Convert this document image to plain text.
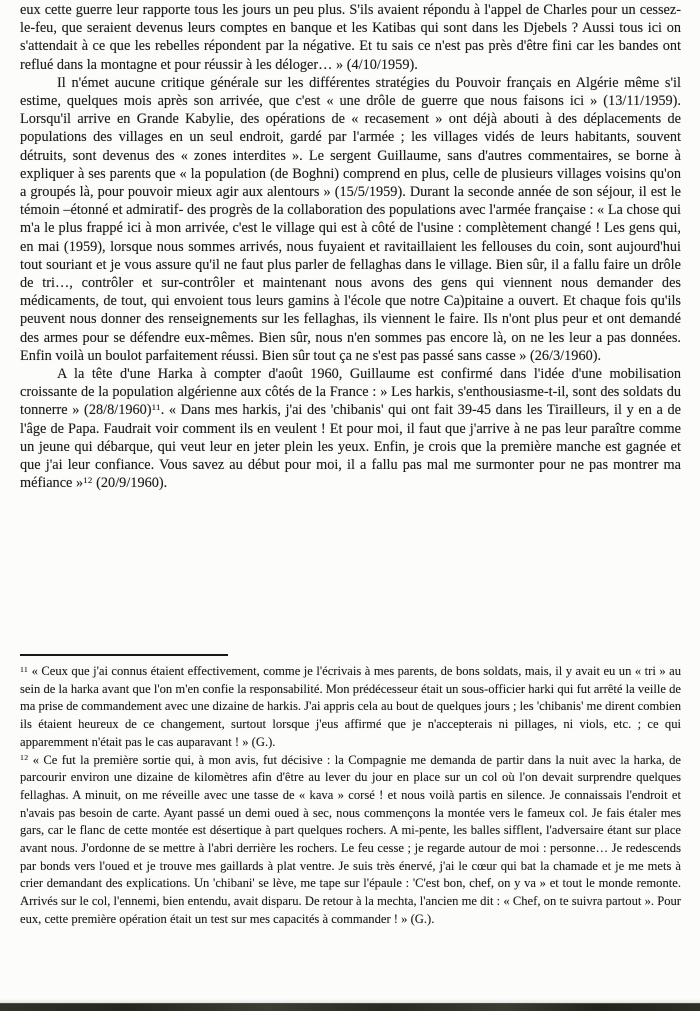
eux cette guerre leur rapporte tous les jours un peu plus. S'ils avaient répondu à l'appel de Charles pour un cessez-le-feu, que seraient devenus leurs comptes en banque et les Katibas qui sont dans les Djebels ? Aussi tous ici on s'attendait à ce que les rebelles répondent par la négative. Et tu sais ce n'est pas près d'être fini car les bandes ont reflué dans la montagne et pour réussir à les déloger… » (4/10/1959).

Il n'émet aucune critique générale sur les différentes stratégies du Pouvoir français en Algérie même s'il estime, quelques mois après son arrivée, que c'est « une drôle de guerre que nous faisons ici » (13/11/1959). Lorsqu'il arrive en Grande Kabylie, des opérations de « recasement » ont déjà abouti à des déplacements de populations des villages en un seul endroit, gardé par l'armée ; les villages vidés de leurs habitants, souvent détruits, sont devenus des « zones interdites ». Le sergent Guillaume, sans d'autres commentaires, se borne à expliquer à ses parents que « la population (de Boghni) comprend en plus, celle de plusieurs villages voisins qu'on a groupés là, pour pouvoir mieux agir aux alentours » (15/5/1959). Durant la seconde année de son séjour, il est le témoin –étonné et admiratif- des progrès de la collaboration des populations avec l'armée française : « La chose qui m'a le plus frappé ici à mon arrivée, c'est le village qui est à côté de l'usine : complètement changé ! Les gens qui, en mai (1959), lorsque nous sommes arrivés, nous fuyaient et ravitaillaient les fellouses du coin, sont aujourd'hui tout souriant et je vous assure qu'il ne faut plus parler de fellaghas dans le village. Bien sûr, il a fallu faire un drôle de tri…, contrôler et sur-contrôler et maintenant nous avons des gens qui viennent nous demander des médicaments, de tout, qui envoient tous leurs gamins à l'école que notre Ca)pitaine a ouvert. Et chaque fois qu'ils peuvent nous donner des renseignements sur les fellaghas, ils viennent le faire. Ils n'ont plus peur et ont demandé des armes pour se défendre eux-mêmes. Bien sûr, nous n'en sommes pas encore là, on ne les leur a pas données. Enfin voilà un boulot parfaitement réussi. Bien sûr tout ça ne s'est pas passé sans casse » (26/3/1960).

A la tête d'une Harka à compter d'août 1960, Guillaume est confirmé dans l'idée d'une mobilisation croissante de la population algérienne aux côtés de la France : » Les harkis, s'enthousiasme-t-il, sont des soldats du tonnerre » $(28/8/1960)^{11}$. « Dans mes harkis, j'ai des 'chibanis' qui ont fait 39-45 dans les Tirailleurs, il y en a de l'âge de Papa. Faudrait voir comment ils en veulent ! Et pour moi, il faut que j'arrive à ne pas leur paraître comme un jeune qui débarque, qui veut leur en jeter plein les yeux. Enfin, je crois que la première manche est gagnée et que j'ai leur confiance. Vous savez au début pour moi, il a fallu pas mal me surmonter pour ne pas montrer ma méfiance »$^{12}$ (20/9/1960).

$^{11}$ « Ceux que j'ai connus étaient effectivement, comme je l'écrivais à mes parents, de bons soldats, mais, il y avait eu un « tri » au sein de la harka avant que l'on m'en confie la responsabilité. Mon prédécesseur était un sous-officier harki qui fut arrêté la veille de ma prise de commandement avec une dizaine de harkis. J'ai appris cela au bout de quelques jours ; les 'chibanis' me dirent combien ils étaient heureux de ce changement, surtout lorsque j'eus affirmé que je n'accepterais ni pillages, ni viols, etc. ; ce qui apparemment n'était pas le cas auparavant ! » (G.).

$^{12}$ « Ce fut la première sortie qui, à mon avis, fut décisive : la Compagnie me demanda de partir dans la nuit avec la harka, de parcourir environ une dizaine de kilomètres afin d'être au lever du jour en place sur un col où l'on devait surprendre quelques fellaghas. A minuit, on me réveille avec une tasse de « kava » corsé ! et nous voilà partis en silence. Je connaissais l'endroit et n'avais pas besoin de carte. Ayant passé un demi oued à sec, nous commençons la montée vers le fameux col. Je fais étaler mes gars, car le flanc de cette montée est désertique à part quelques rochers. A mi-pente, les balles sifflent, l'adversaire étant sur place avant nous. J'ordonne de se mettre à l'abri derrière les rochers. Le feu cesse ; je regarde autour de moi : personne… Je redescends par bonds vers l'oued et je trouve mes gaillards à plat ventre. Je suis très énervé, j'ai le cœur qui bat la chamade et je me mets à crier demandant des explications. Un 'chibani' se lève, me tape sur l'épaule : 'C'est bon, chef, on y va » et tout le monde remonte. Arrivés sur le col, l'ennemi, bien entendu, avait disparu. De retour à la mechta, l'ancien me dit : « Chef, on te suivra partout ». Pour eux, cette première opération était un test sur mes capacités à commander ! » (G.).
